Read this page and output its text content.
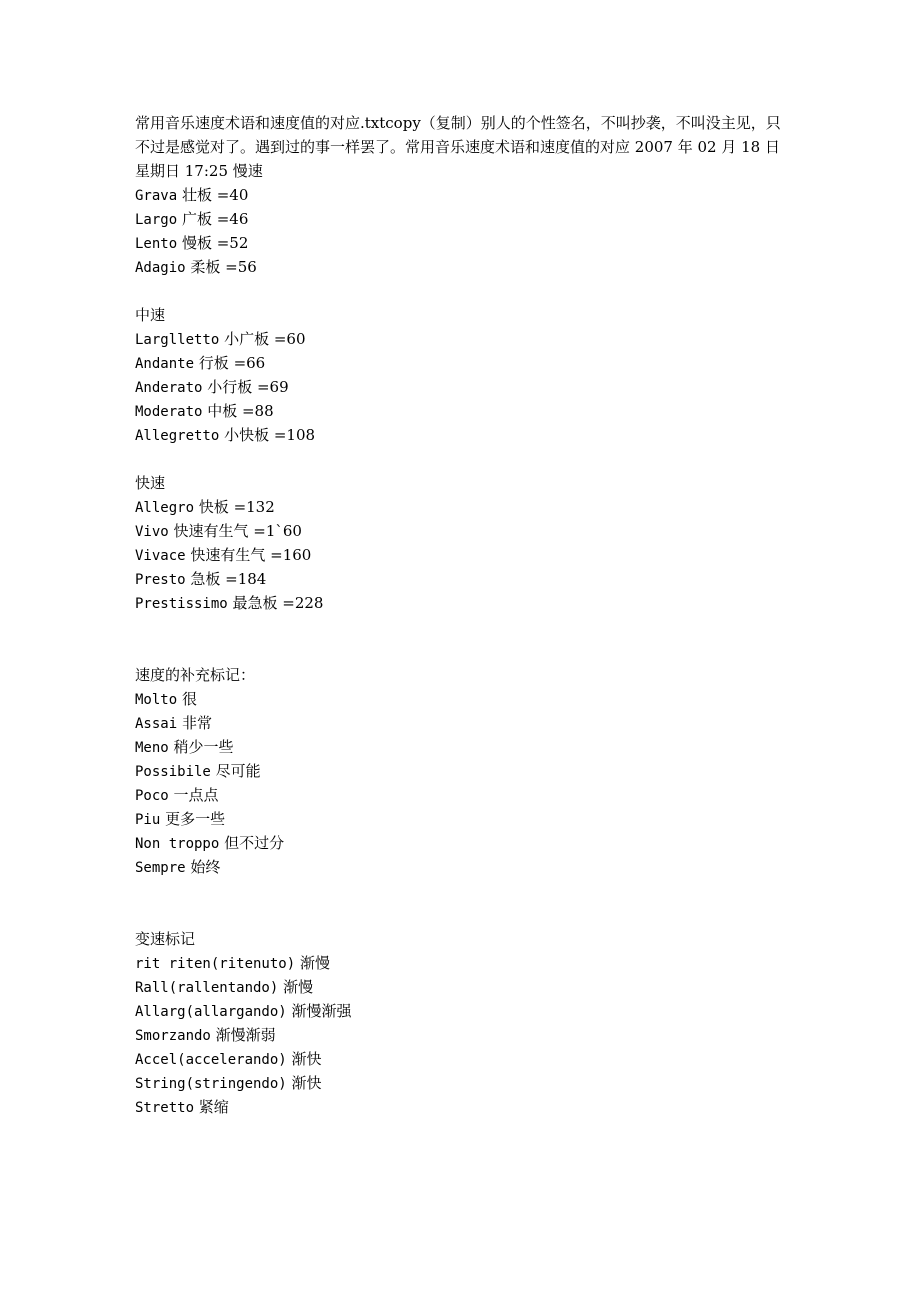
常用音乐速度术语和速度值的对应.txtcopy（复制）别人的个性签名，不叫抄袭，不叫没主见，只不过是感觉对了。遇到过的事一样罢了。常用音乐速度术语和速度值的对应 2007 年 02 月 18 日 星期日 17:25 慢速

Grava 壮板 =40
Largo 广板 =46
Lento 慢板 =52
Adagio 柔板 =56
中速
Larglletto 小广板 =60
Andante 行板 =66
Anderato 小行板 =69
Moderato 中板 =88
Allegretto 小快板 =108
快速
Allegro 快板 =132
Vivo 快速有生气 =1`60
Vivace 快速有生气 =160
Presto 急板 =184
Prestissimo 最急板 =228
速度的补充标记：
Molto 很
Assai 非常
Meno 稍少一些
Possibile 尽可能
Poco 一点点
Piu 更多一些
Non troppo 但不过分
Sempre 始终
变速标记
rit riten(ritenuto) 渐慢
Rall(rallentando) 渐慢
Allarg(allargando) 渐慢渐强
Smorzando 渐慢渐弱
Accel(accelerando) 渐快
String(stringendo) 渐快
Stretto 紧缩
